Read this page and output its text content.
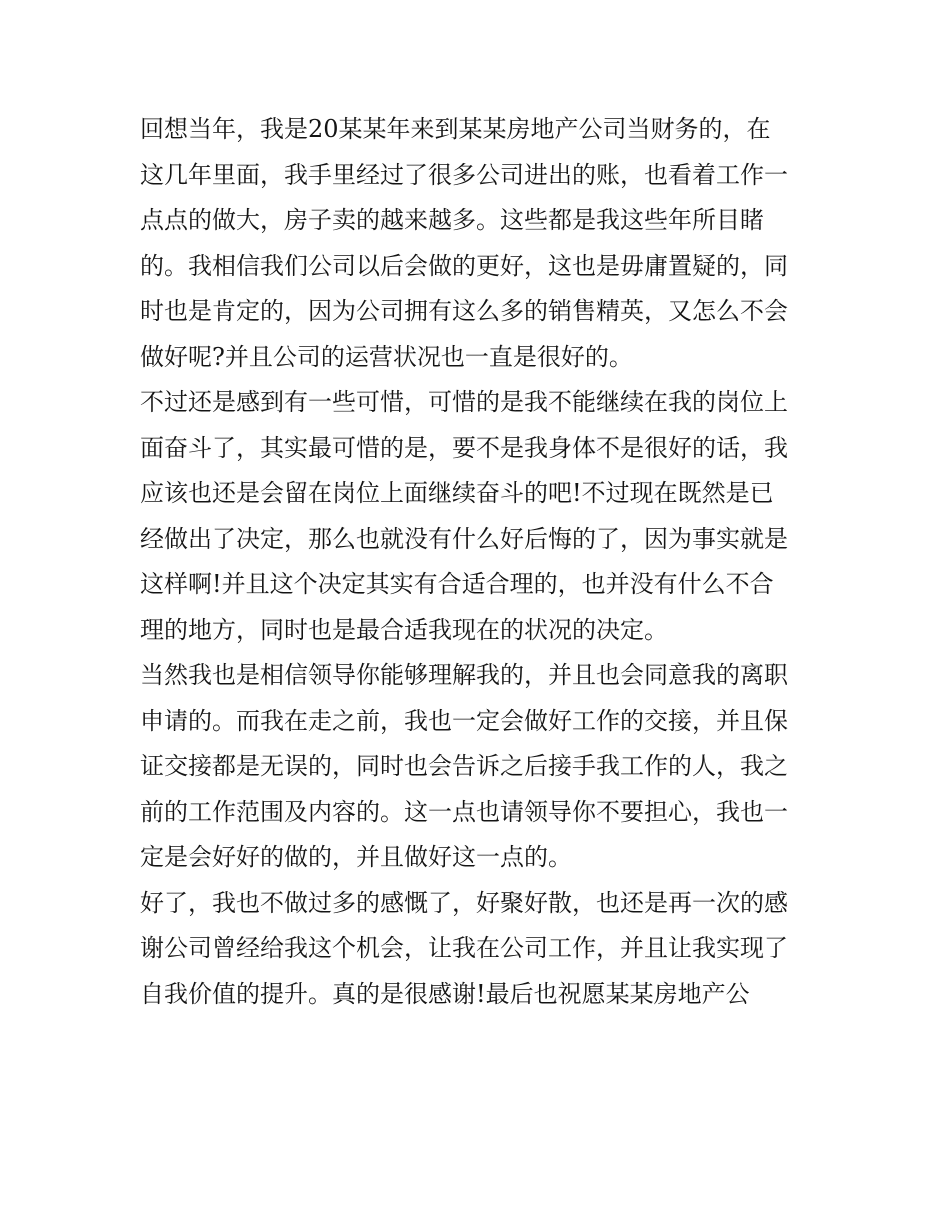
回想当年，我是20某某年来到某某房地产公司当财务的，在
这几年里面，我手里经过了很多公司进出的账，也看着工作一
点点的做大，房子卖的越来越多。这些都是我这些年所目睹
的。我相信我们公司以后会做的更好，这也是毋庸置疑的，同
时也是肯定的，因为公司拥有这么多的销售精英，又怎么不会
做好呢?并且公司的运营状况也一直是很好的。

不过还是感到有一些可惜，可惜的是我不能继续在我的岗位上
面奋斗了，其实最可惜的是，要不是我身体不是很好的话，我
应该也还是会留在岗位上面继续奋斗的吧!不过现在既然是已
经做出了决定，那么也就没有什么好后悔的了，因为事实就是
这样啊!并且这个决定其实有合适合理的，也并没有什么不合
理的地方，同时也是最合适我现在的状况的决定。

当然我也是相信领导你能够理解我的，并且也会同意我的离职
申请的。而我在走之前，我也一定会做好工作的交接，并且保
证交接都是无误的，同时也会告诉之后接手我工作的人，我之
前的工作范围及内容的。这一点也请领导你不要担心，我也一
定是会好好的做的，并且做好这一点的。

好了，我也不做过多的感慨了，好聚好散，也还是再一次的感
谢公司曾经给我这个机会，让我在公司工作，并且让我实现了
自我价值的提升。真的是很感谢!最后也祝愿某某房地产公
